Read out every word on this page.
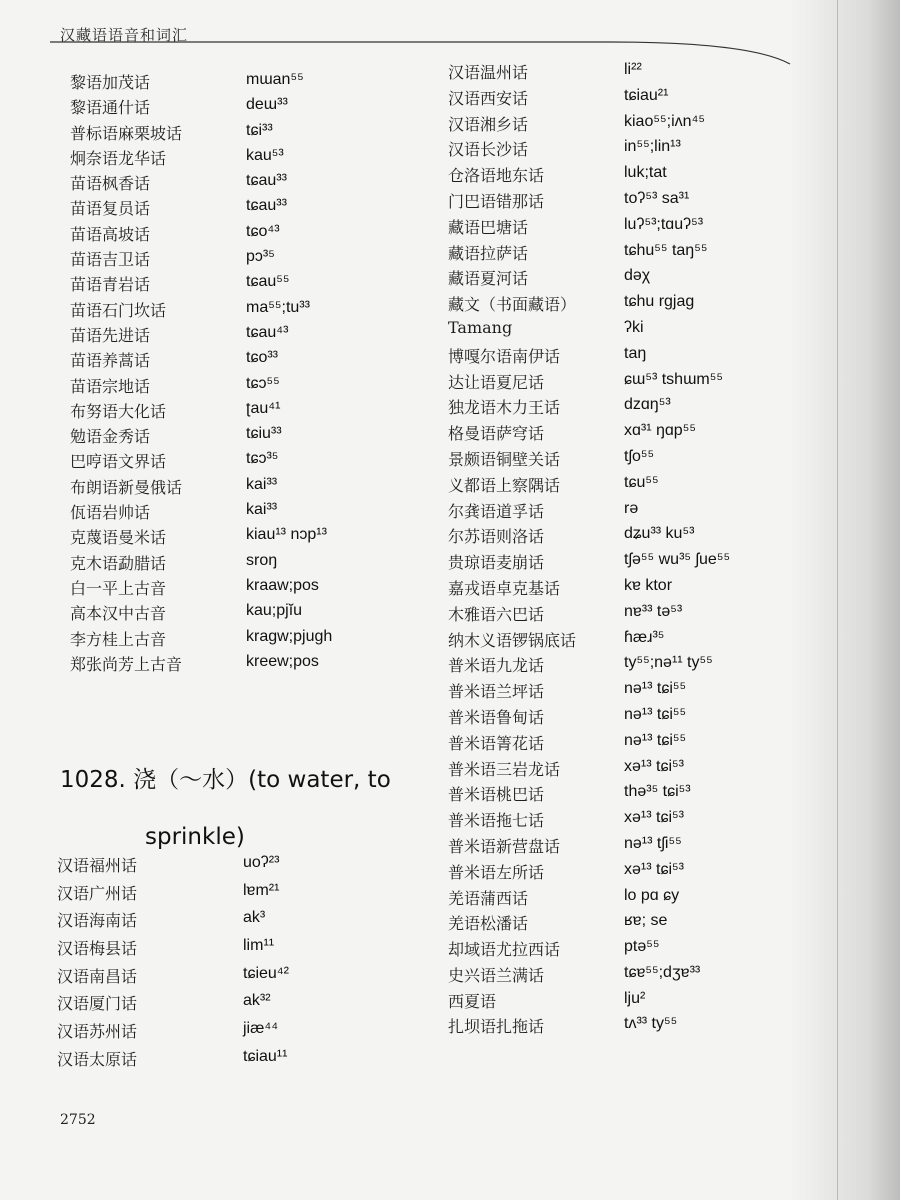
汉藏语语音和词汇
黎语加茂话	mɯan⁵⁵
黎语通什话	deɯ³³
普标语麻栗坡话	tɕi³³
炯奈语龙华话	kau⁵³
苗语枫香话	tɕau³³
苗语复员话	tɕau³³
苗语高坡话	tɕo⁴³
苗语吉卫话	pɔ³⁵
苗语青岩话	tɕau⁵⁵
苗语石门坎话	ma⁵⁵;tu³³
苗语先进话	tɕau⁴³
苗语养蒿话	tɕo³³
苗语宗地话	tɕɔ⁵⁵
布努语大化话	ʈau⁴¹
勉语金秀话	tɕiu³³
巴哼语文界话	tɕɔ³⁵
布朗语新曼俄话	kai³³
佤语岩帅话	kai³³
克蔑语曼米话	kiau¹³ nɔp¹³
克木语勐腊话	sroŋ
白一平上古音	kraaw;pos
高本汉中古音	kau;pjĭu
李方桂上古音	kragw;pjugh
郑张尚芳上古音	kreew;pos
1028. 浇（～水）(to water, to
sprinkle)
汉语福州话	uoʔ²³
汉语广州话	lɐm²¹
汉语海南话	ak³
汉语梅县话	lim¹¹
汉语南昌话	tɕieu⁴²
汉语厦门话	ak³²
汉语苏州话	jiæ⁴⁴
汉语太原话	tɕiau¹¹
汉语温州话	li²²
汉语西安话	tɕiau²¹
汉语湘乡话	kiao⁵⁵;iʌn⁴⁵
汉语长沙话	in⁵⁵;lin¹³
仓洛语地东话	luk;tat
门巴语错那话	toʔ⁵³ sa³¹
藏语巴塘话	luʔ⁵³;tɑuʔ⁵³
藏语拉萨话	tɕhu⁵⁵ taŋ⁵⁵
藏语夏河话	dəχ
藏文（书面藏语）	tɕhu rgjag
Tamang	ʔki
博嘎尔语南伊话	taŋ
达让语夏尼话	ɕɯ⁵³ tshɯm⁵⁵
独龙语木力王话	dzɑŋ⁵³
格曼语萨穹话	xɑ³¹ ŋɑp⁵⁵
景颇语铜壁关话	tʃo⁵⁵
义都语上察隅话	tɕu⁵⁵
尔龚语道孚话	rə
尔苏语则洛话	dʑu³³ ku⁵³
贵琼语麦崩话	tʃə⁵⁵ wu³⁵ ʃue⁵⁵
嘉戎语卓克基话	kɐ ktor
木雅语六巴话	nɐ³³ tə⁵³
纳木义语锣锅底话	ɦæɹ³⁵
普米语九龙话	ty⁵⁵;nə¹¹ ty⁵⁵
普米语兰坪话	nə¹³ tɕi⁵⁵
普米语鲁甸话	nə¹³ tɕi⁵⁵
普米语箐花话	nə¹³ tɕi⁵⁵
普米语三岩龙话	xə¹³ tɕi⁵³
普米语桃巴话	thə³⁵ tɕi⁵³
普米语拖七话	xə¹³ tɕi⁵³
普米语新营盘话	nə¹³ tʃi⁵⁵
普米语左所话	xə¹³ tɕi⁵³
羌语蒲西话	lo pɑ ɕy
羌语松潘话	ʁɐ; se
却域语尤拉西话	ptə⁵⁵
史兴语兰满话	tɕɐ⁵⁵;dʒɐ³³
西夏语	lju²
扎坝语扎拖话	tʌ³³ ty⁵⁵
2752
